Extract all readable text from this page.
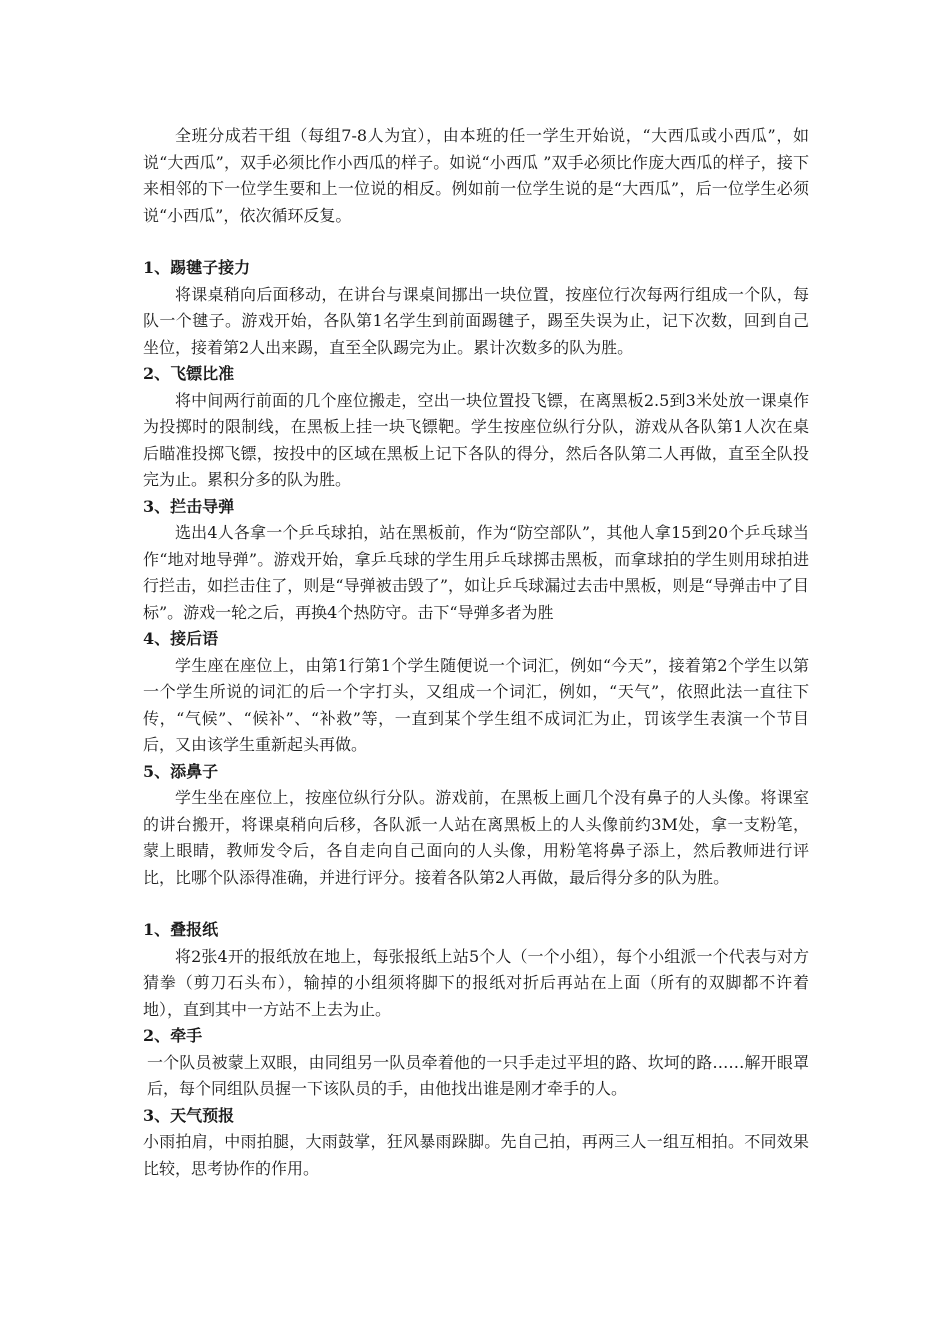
全班分成若干组（每组7-8人为宜），由本班的任一学生开始说，“大西瓜或小西瓜”，如说“大西瓜”，双手必须比作小西瓜的样子。如说“小西瓜 ”双手必须比作庞大西瓜的样子，接下来相邻的下一位学生要和上一位说的相反。例如前一位学生说的是“大西瓜”，后一位学生必须说“小西瓜”，依次循环反复。

1、踢毽子接力

将课桌稍向后面移动，在讲台与课桌间挪出一块位置，按座位行次每两行组成一个队，每队一个毽子。游戏开始，各队第1名学生到前面踢毽子，踢至失误为止，记下次数，回到自己坐位，接着第2人出来踢，直至全队踢完为止。累计次数多的队为胜。

2、飞镖比准

将中间两行前面的几个座位搬走，空出一块位置投飞镖，在离黑板2.5到3米处放一课桌作为投掷时的限制线，在黑板上挂一块飞镖靶。学生按座位纵行分队，游戏从各队第1人次在桌后瞄准投掷飞镖，按投中的区域在黑板上记下各队的得分，然后各队第二人再做，直至全队投完为止。累积分多的队为胜。

3、拦击导弹

选出4人各拿一个乒乓球拍，站在黑板前，作为“防空部队”，其他人拿15到20个乒乓球当作“地对地导弹”。游戏开始，拿乒乓球的学生用乒乓球掷击黑板，而拿球拍的学生则用球拍进行拦击，如拦击住了，则是“导弹被击毁了”，如让乒乓球漏过去击中黑板，则是“导弹击中了目标”。游戏一轮之后，再换4个热防守。击下“导弹多者为胜

4、接后语

学生座在座位上，由第1行第1个学生随便说一个词汇，例如“今天”，接着第2个学生以第一个学生所说的词汇的后一个字打头，又组成一个词汇，例如，“天气”，依照此法一直往下传，“气候”、“候补”、“补救”等，一直到某个学生组不成词汇为止，罚该学生表演一个节目后，又由该学生重新起头再做。

5、添鼻子

学生坐在座位上，按座位纵行分队。游戏前，在黑板上画几个没有鼻子的人头像。将课室的讲台搬开，将课桌稍向后移，各队派一人站在离黑板上的人头像前约3M处，拿一支粉笔，蒙上眼睛，教师发令后，各自走向自己面向的人头像，用粉笔将鼻子添上，然后教师进行评比，比哪个队添得准确，并进行评分。接着各队第2人再做，最后得分多的队为胜。

1、叠报纸

将2张4开的报纸放在地上，每张报纸上站5个人（一个小组），每个小组派一个代表与对方猜拳（剪刀石头布），输掉的小组须将脚下的报纸对折后再站在上面（所有的双脚都不许着地），直到其中一方站不上去为止。

2、牵手

一个队员被蒙上双眼，由同组另一队员牵着他的一只手走过平坦的路、坎坷的路……解开眼罩后，每个同组队员握一下该队员的手，由他找出谁是刚才牵手的人。

3、天气预报

小雨拍肩，中雨拍腿，大雨鼓掌，狂风暴雨跺脚。先自己拍，再两三人一组互相拍。不同效果比较，思考协作的作用。
